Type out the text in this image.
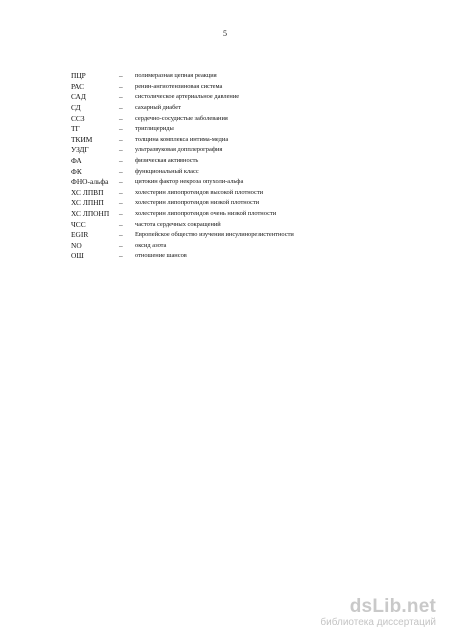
5
ПЦР	–	полимеразная цепная реакция
РАС	–	ренин-ангиотензиновая система
САД	–	систолическое артериальное давление
СД	–	сахарный диабет
ССЗ	–	сердечно-сосудистые заболевания
ТГ	–	триглицериды
ТКИМ	–	толщина комплекса интима-медиа
УЗДГ	–	ультразвуковая допплерография
ФА	–	физическая активность
ФК	–	функциональный класс
ФНО-альфа	–	цитокин фактор некроза опухоли-альфа
ХС ЛПВП	–	холестерин липопротеидов высокой плотности
ХС ЛПНП	–	холестерин липопротеидов низкой плотности
ХС ЛПОНП	–	холестерин липопротеидов очень низкой плотности
ЧСС	–	частота сердечных сокращений
EGIR	–	Европейское общество изучения инсулинорезистентности
NO	–	оксид азота
ОШ	–	отношение шансов
dsLib.net
библиотека диссертаций
